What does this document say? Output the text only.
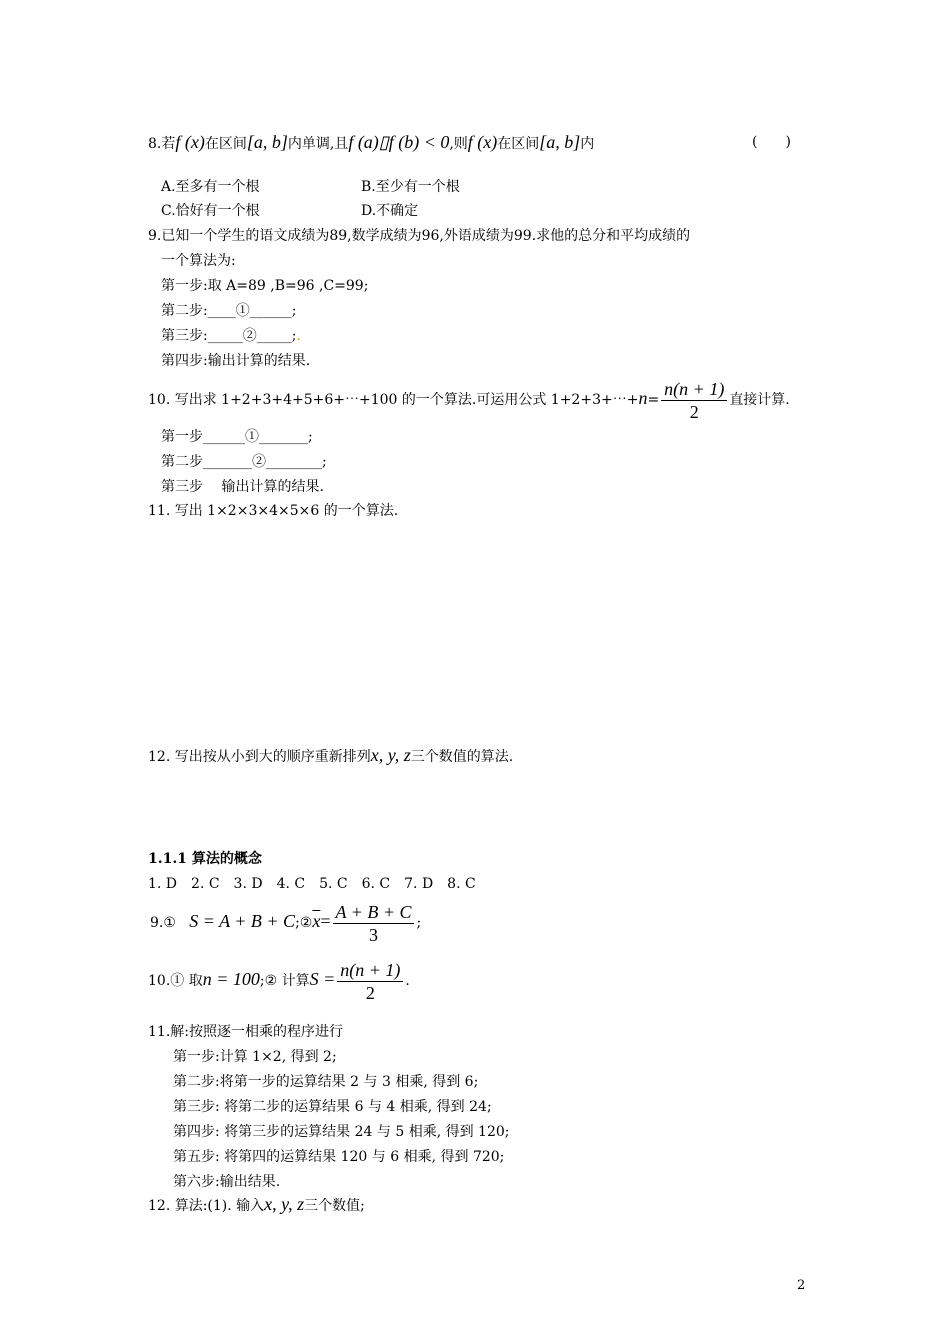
8.若f (x)在区间[a, b]内单调,且f (a)▯f (b) < 0,则f (x)在区间[a, b]内	(　　)
A.至多有一个根	B.至少有一个根
C.恰好有一个根	D.不确定
9.已知一个学生的语文成绩为89,数学成绩为96,外语成绩为99.求他的总分和平均成绩的
一个算法为:
第一步:取 A=89 ,B=96 ,C=99;
第二步:____①______;
第三步:_____②_____;.
第四步:输出计算的结果.
10. 写出求 1+2+3+4+5+6+⋯+100 的一个算法.可运用公式 1+2+3+⋯+n= $\frac{n(n + 1)}{2}$ 直接计算.
第一步______①_______;
第二步_______②________;
第三步　 输出计算的结果.
11. 写出 1×2×3×4×5×6 的一个算法.
12. 写出按从小到大的顺序重新排列x, y, z三个数值的算法.
1.1.1 算法的概念
1. D　2. C　3. D　4. C　5. C　6. C　7. D　8. C
9.① $S = A + B + C;②\overline{x}= \frac{A + B + C}{3}$ ;
10.① 取n = 100;② 计算$S = \frac{n(n + 1)}{2}$ .
11.解:按照逐一相乘的程序进行
第一步:计算 1×2, 得到 2;
第二步:将第一步的运算结果 2 与 3 相乘, 得到 6;
第三步: 将第二步的运算结果 6 与 4 相乘, 得到 24;
第四步: 将第三步的运算结果 24 与 5 相乘, 得到 120;
第五步: 将第四的运算结果 120 与 6 相乘, 得到 720;
第六步:输出结果.
12. 算法:(1). 输入x, y, z三个数值;
2
